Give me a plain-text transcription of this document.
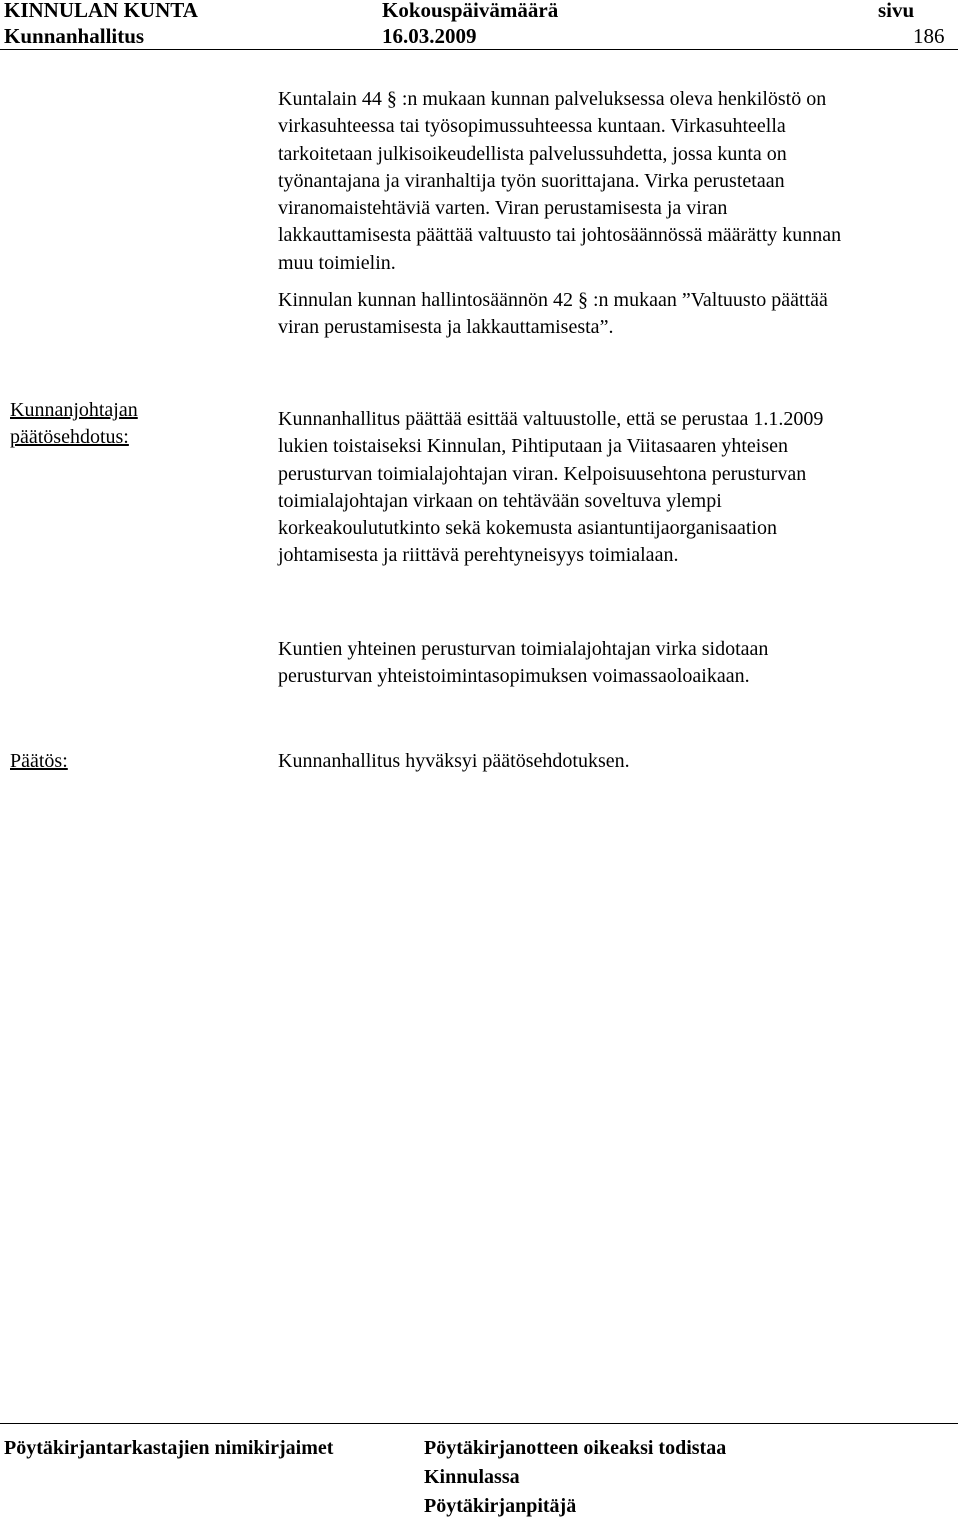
KINNULAN KUNTA	Kokouspäivämäärä	sivu
Kunnanhallitus	16.03.2009	186
Kuntalain 44 § :n mukaan kunnan palveluksessa oleva henkilöstö on
virkasuhteessa tai työsopimussuhteessa kuntaan. Virkasuhteella
tarkoitetaan julkisoikeudellista palvelussuhdetta, jossa kunta on
työnantajana ja viranhaltija työn suorittajana. Virka perustetaan
viranomaistehtäviä varten. Viran perustamisesta ja viran
lakkauttamisesta päättää valtuusto tai johtosäännössä määrätty kunnan
muu toimielin.
Kinnulan kunnan hallintosäännön 42 § :n mukaan ”Valtuusto päättää
viran perustamisesta ja lakkauttamisesta”.
Kunnanjohtajan
päätösehdotus:
Kunnanhallitus päättää esittää valtuustolle, että se perustaa 1.1.2009
lukien toistaiseksi Kinnulan, Pihtiputaan ja Viitasaaren yhteisen
perusturvan toimialajohtajan viran. Kelpoisuusehtona perusturvan
toimialajohtajan virkaan on tehtävään soveltuva ylempi
korkeakoulututkinto sekä kokemusta asiantuntijaorganisaation
johtamisesta ja riittävä perehtyneisyys toimialaan.
Kuntien yhteinen perusturvan toimialajohtajan virka sidotaan
perusturvan yhteistoimintasopimuksen voimassaoloaikaan.
Päätös:	Kunnanhallitus hyväksyi päätösehdotuksen.
Pöytäkirjantarkastajien nimikirjaimet	Pöytäkirjanotteen oikeaksi todistaa
Kinnulassa
Pöytäkirjanpitäjä
